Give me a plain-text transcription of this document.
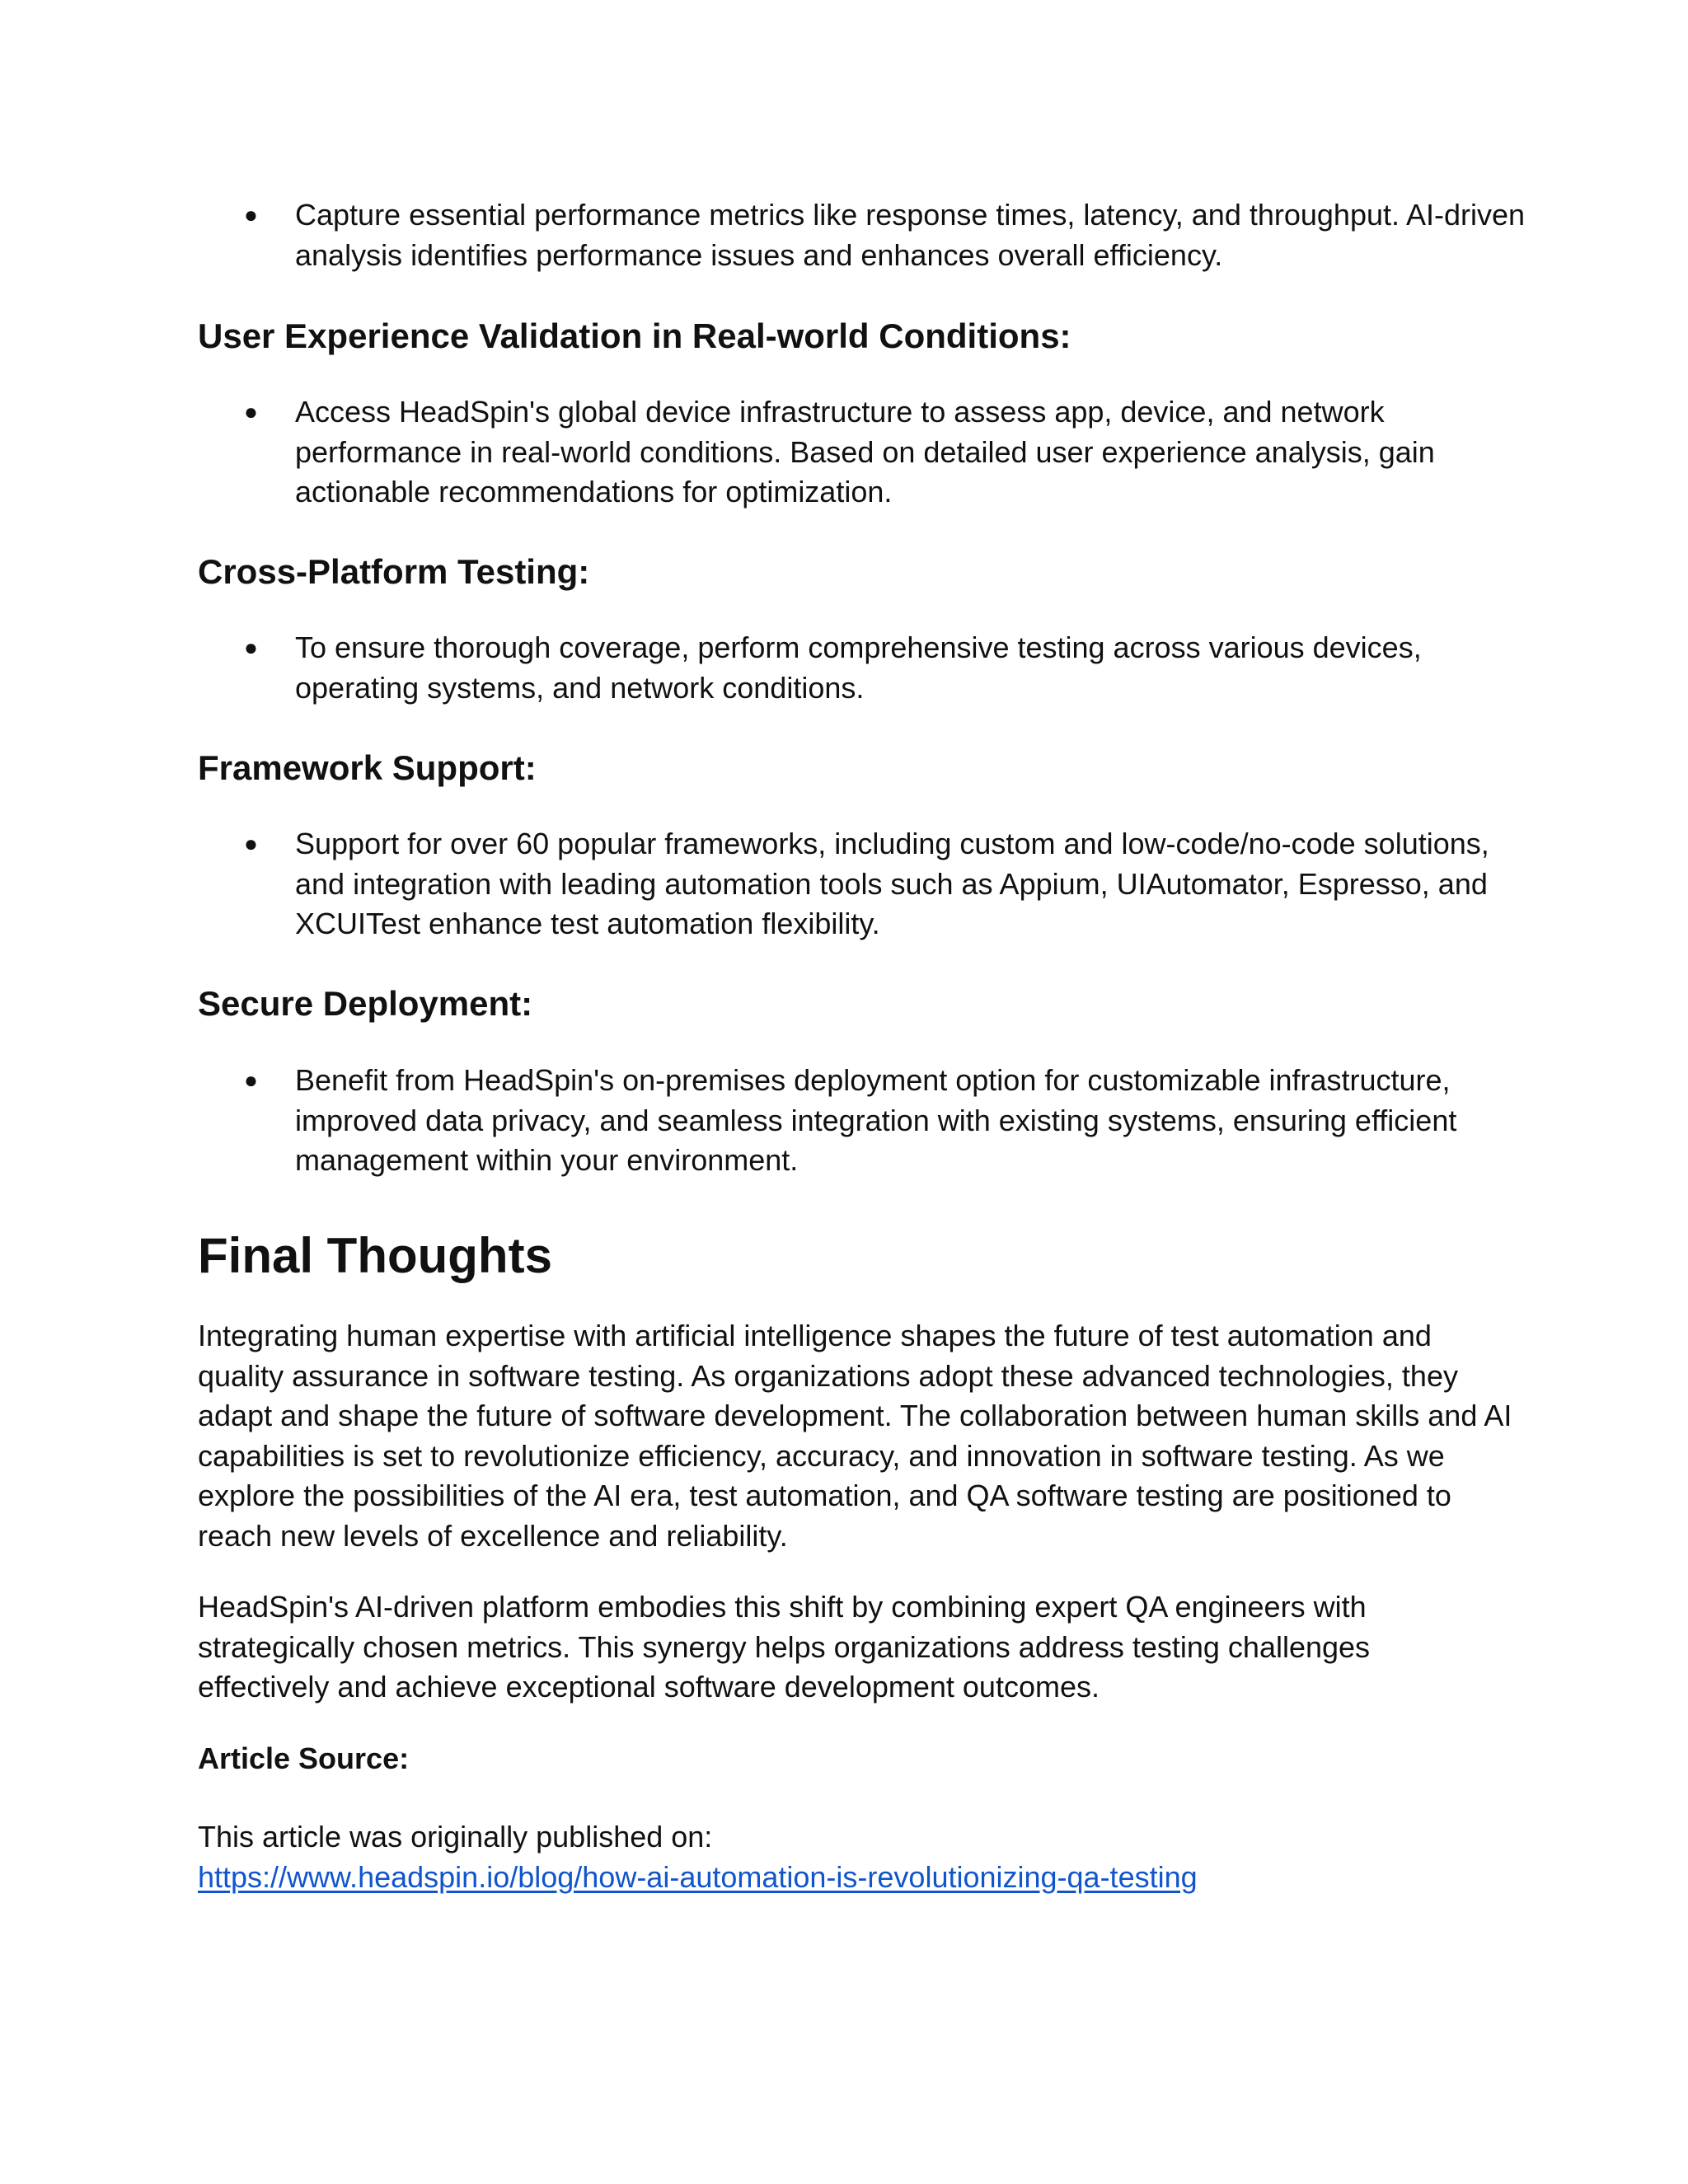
● Capture essential performance metrics like response times, latency, and throughput. AI-driven analysis identifies performance issues and enhances overall efficiency.
User Experience Validation in Real-world Conditions:
● Access HeadSpin's global device infrastructure to assess app, device, and network performance in real-world conditions. Based on detailed user experience analysis, gain actionable recommendations for optimization.
Cross-Platform Testing:
● To ensure thorough coverage, perform comprehensive testing across various devices, operating systems, and network conditions.
Framework Support:
● Support for over 60 popular frameworks, including custom and low-code/no-code solutions, and integration with leading automation tools such as Appium, UIAutomator, Espresso, and XCUITest enhance test automation flexibility.
Secure Deployment:
● Benefit from HeadSpin's on-premises deployment option for customizable infrastructure, improved data privacy, and seamless integration with existing systems, ensuring efficient management within your environment.
Final Thoughts
Integrating human expertise with artificial intelligence shapes the future of test automation and quality assurance in software testing. As organizations adopt these advanced technologies, they adapt and shape the future of software development. The collaboration between human skills and AI capabilities is set to revolutionize efficiency, accuracy, and innovation in software testing. As we explore the possibilities of the AI era, test automation, and QA software testing are positioned to reach new levels of excellence and reliability.
HeadSpin's AI-driven platform embodies this shift by combining expert QA engineers with strategically chosen metrics. This synergy helps organizations address testing challenges effectively and achieve exceptional software development outcomes.
Article Source:
This article was originally published on:
https://www.headspin.io/blog/how-ai-automation-is-revolutionizing-qa-testing
